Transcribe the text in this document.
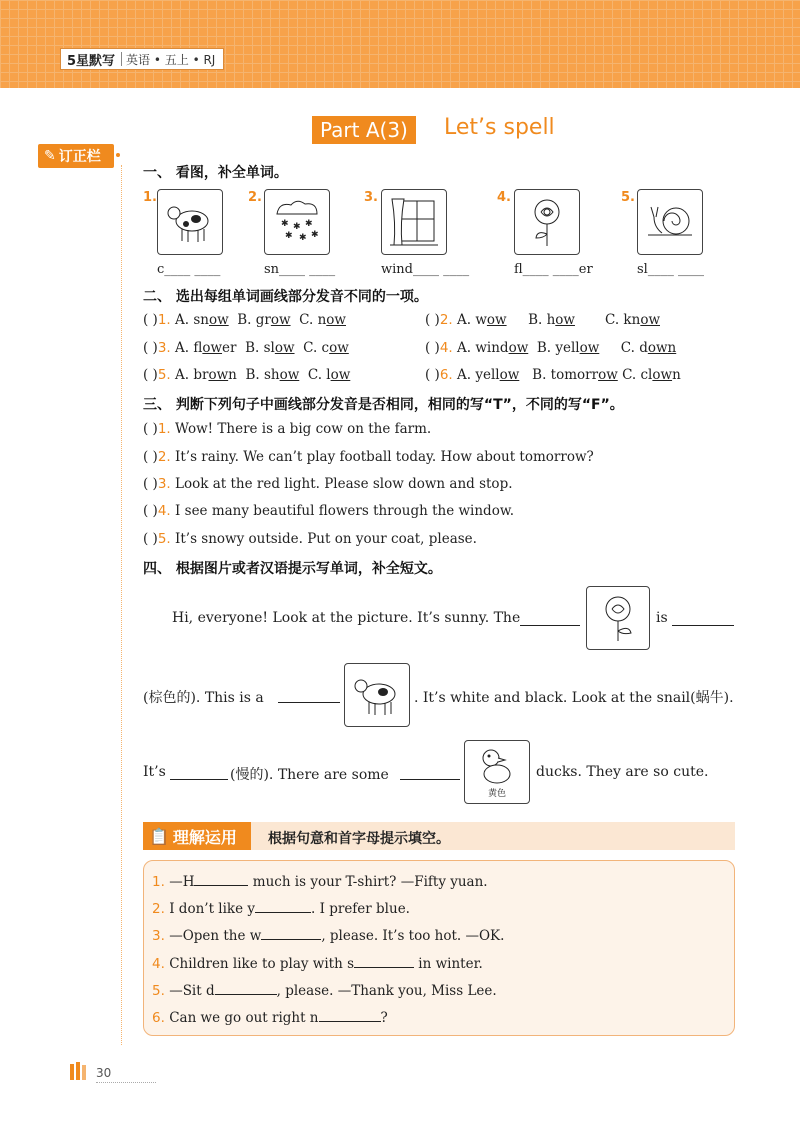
5星默写 英语 • 五上 • RJ
Part A(3)	Let’s spell
✎ 订正栏
一、 看图，补全单词。
1.	2.
✱ ✱ ✱
✱ ✱ ✱
3.	4.	5.
c____ ____	sn____ ____	wind____ ____	fl____ ____er	sl____ ____
二、 选出每组单词画线部分发音不同的一项。
( )1. A. snow B. grow C. now	( )2. A. wow B. how C. know
( )3. A. flower B. slow C. cow	( )4. A. window B. yellow C. down
( )5. A. brown B. show C. low	( )6. A. yellow B. tomorrow C. clown
三、 判断下列句子中画线部分发音是否相同，相同的写“T”，不同的写“F”。
( )1. Wow! There is a big cow on the farm.
( )2. It’s rainy. We can’t play football today. How about tomorrow?
( )3. Look at the red light. Please slow down and stop.
( )4. I see many beautiful flowers through the window.
( )5. It’s snowy outside. Put on your coat, please.
四、 根据图片或者汉语提示写单词，补全短文。
Hi, everyone! Look at the picture. It’s sunny. The	is
(棕色的). This is a	. It’s white and black. Look at the snail(蜗牛).
It’s	(慢的). There are some
黄色
ducks. They are so cute.
📋 理解运用 根据句意和首字母提示填空。
1. —H	much is your T-shirt? —Fifty yuan.
2. I don’t like y	. I prefer blue.
3. —Open the w	, please. It’s too hot. —OK.
4. Children like to play with s	in winter.
5. —Sit d	, please. —Thank you, Miss Lee.
6. Can we go out right n	?
30
